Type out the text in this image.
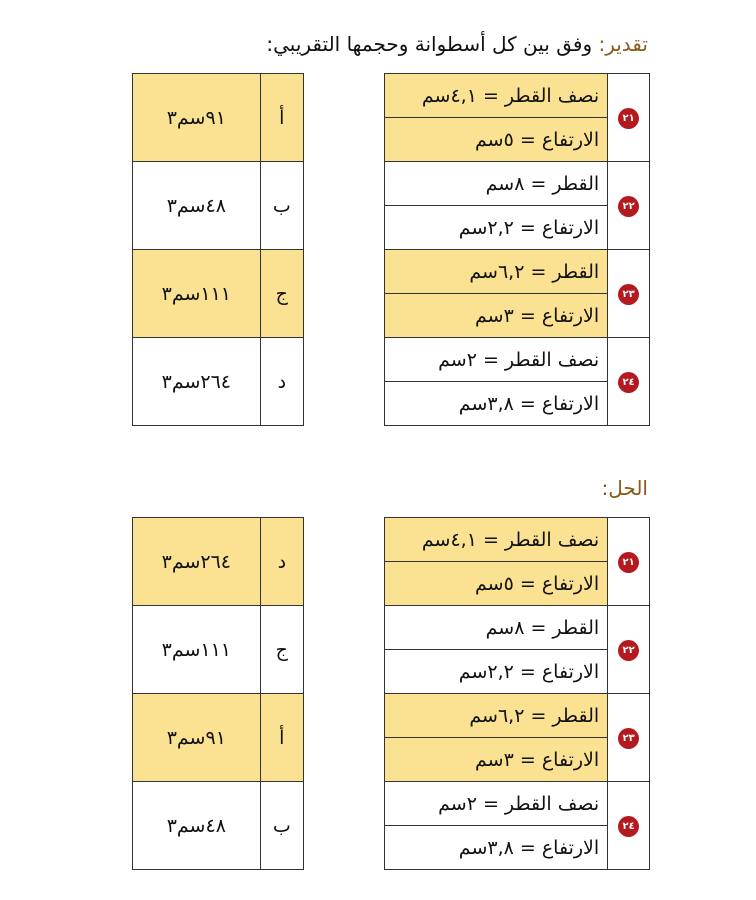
تقدير: وفق بين كل أسطوانة وحجمها التقريبي:
٢١	نصف القطر = ٤,١سم
	الارتفاع = ٥سم
٢٢	القطر = ٨سم
	الارتفاع = ٢,٢سم
٢٣	القطر = ٦,٢سم
	الارتفاع = ٣سم
٢٤	نصف القطر = ٢سم
	الارتفاع = ٣,٨سم
أ	٩١سم٣
ب	٤٨سم٣
ج	١١١سم٣
د	٢٦٤سم٣
الحل:
٢١	نصف القطر = ٤,١سم
	الارتفاع = ٥سم
٢٢	القطر = ٨سم
	الارتفاع = ٢,٢سم
٢٣	القطر = ٦,٢سم
	الارتفاع = ٣سم
٢٤	نصف القطر = ٢سم
	الارتفاع = ٣,٨سم
د	٢٦٤سم٣
ج	١١١سم٣
أ	٩١سم٣
ب	٤٨سم٣
